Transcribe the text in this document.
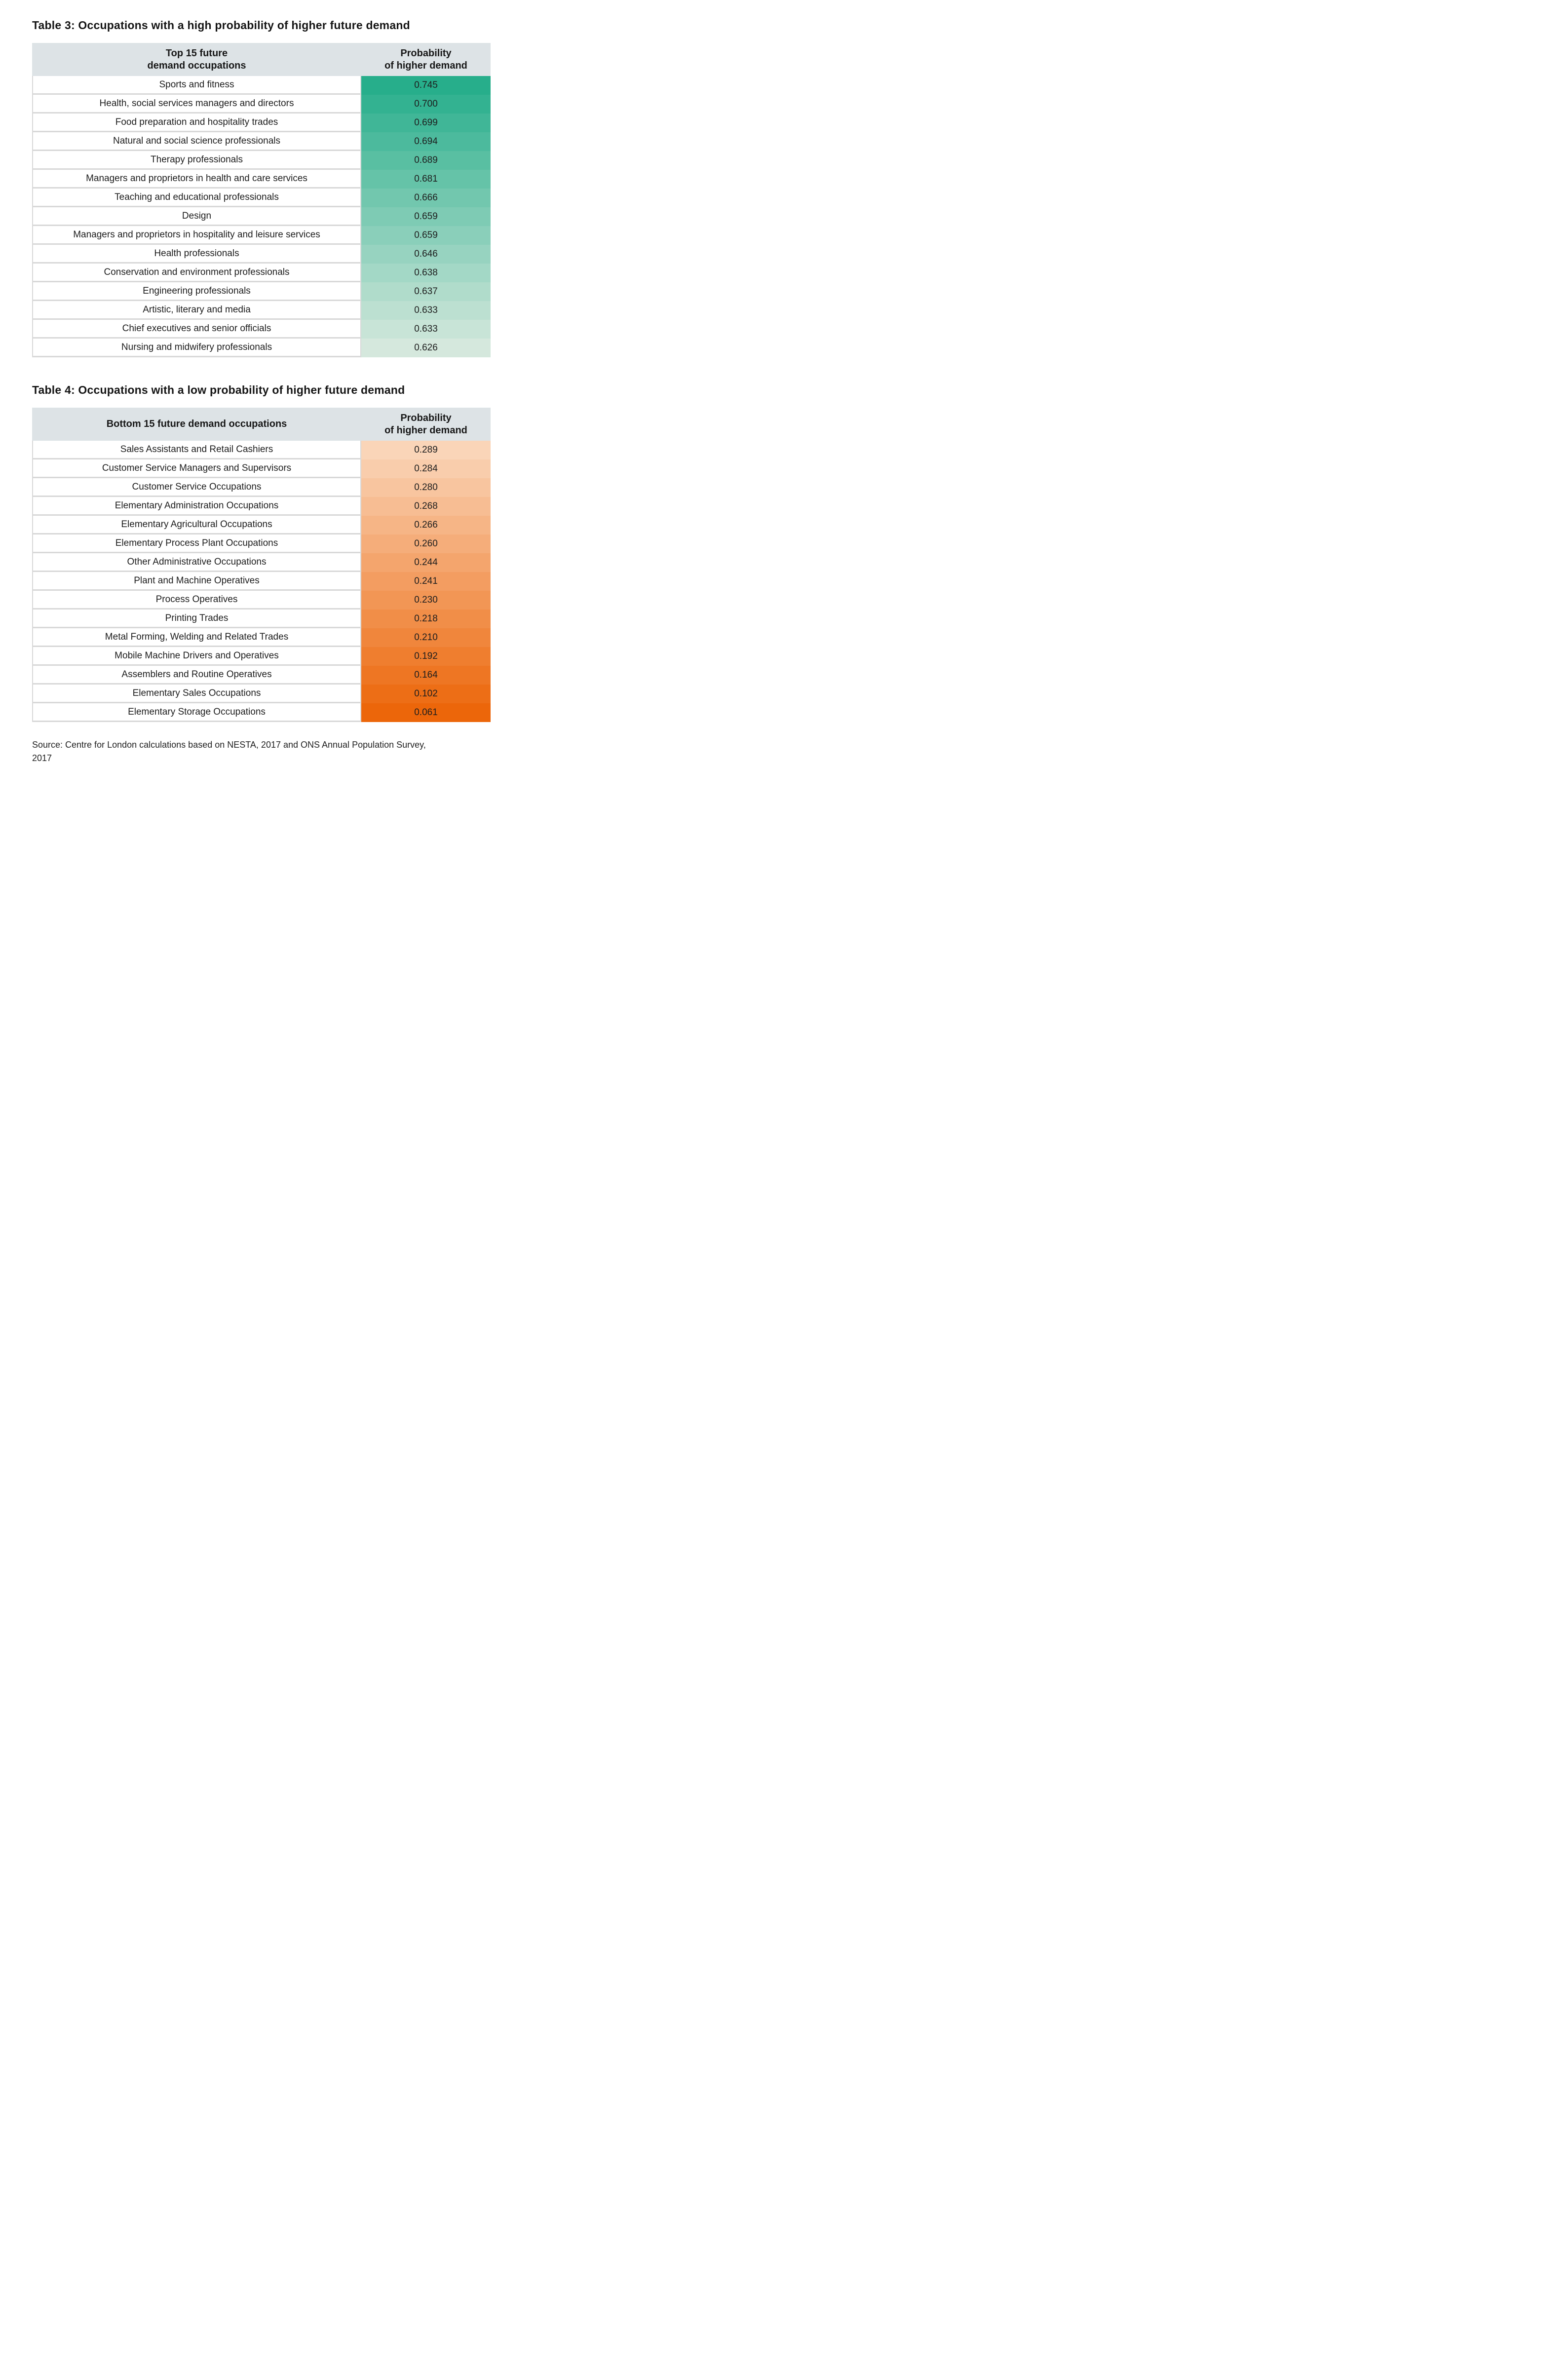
Table 3: Occupations with a high probability of higher future demand
Top 15 future
demand occupations
Probability
of higher demand
Sports and fitness	0.745
Health, social services managers and directors	0.700
Food preparation and hospitality trades	0.699
Natural and social science professionals	0.694
Therapy professionals	0.689
Managers and proprietors in health and care services	0.681
Teaching and educational professionals	0.666
Design	0.659
Managers and proprietors in hospitality and leisure services	0.659
Health professionals	0.646
Conservation and environment professionals	0.638
Engineering professionals	0.637
Artistic, literary and media	0.633
Chief executives and senior officials	0.633
Nursing and midwifery professionals	0.626
Table 4: Occupations with a low probability of higher future demand
Bottom 15 future demand occupations
Probability
of higher demand
Sales Assistants and Retail Cashiers	0.289
Customer Service Managers and Supervisors	0.284
Customer Service Occupations	0.280
Elementary Administration Occupations	0.268
Elementary Agricultural Occupations	0.266
Elementary Process Plant Occupations	0.260
Other Administrative Occupations	0.244
Plant and Machine Operatives	0.241
Process Operatives	0.230
Printing Trades	0.218
Metal Forming, Welding and Related Trades	0.210
Mobile Machine Drivers and Operatives	0.192
Assemblers and Routine Operatives	0.164
Elementary Sales Occupations	0.102
Elementary Storage Occupations	0.061
Source: Centre for London calculations based on NESTA, 2017 and ONS Annual Population Survey,
2017
